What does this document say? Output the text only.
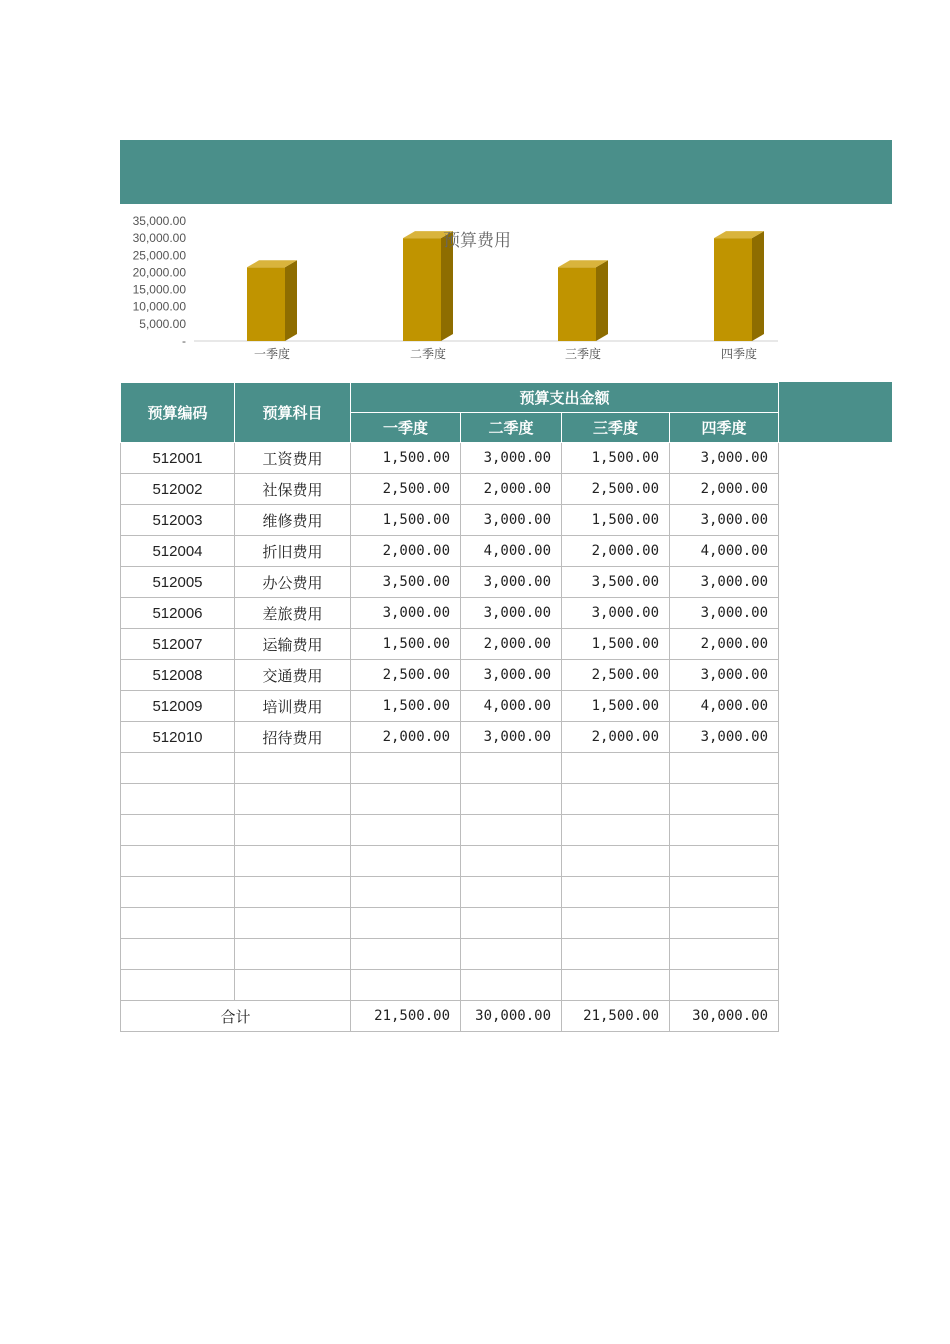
-
5,000.00
10,000.00
15,000.00
20,000.00
25,000.00
30,000.00
35,000.00
一季度	二季度	三季度	四季度
预算费用
预算编码	预算科目	预算支出金额			
		一季度	二季度	三季度	四季度
512001	工资费用	1,500.00	3,000.00	1,500.00	3,000.00
512002	社保费用	2,500.00	2,000.00	2,500.00	2,000.00
512003	维修费用	1,500.00	3,000.00	1,500.00	3,000.00
512004	折旧费用	2,000.00	4,000.00	2,000.00	4,000.00
512005	办公费用	3,500.00	3,000.00	3,500.00	3,000.00
512006	差旅费用	3,000.00	3,000.00	3,000.00	3,000.00
512007	运输费用	1,500.00	2,000.00	1,500.00	2,000.00
512008	交通费用	2,500.00	3,000.00	2,500.00	3,000.00
512009	培训费用	1,500.00	4,000.00	1,500.00	4,000.00
512010	招待费用	2,000.00	3,000.00	2,000.00	3,000.00

合计		21,500.00	30,000.00	21,500.00	30,000.00
